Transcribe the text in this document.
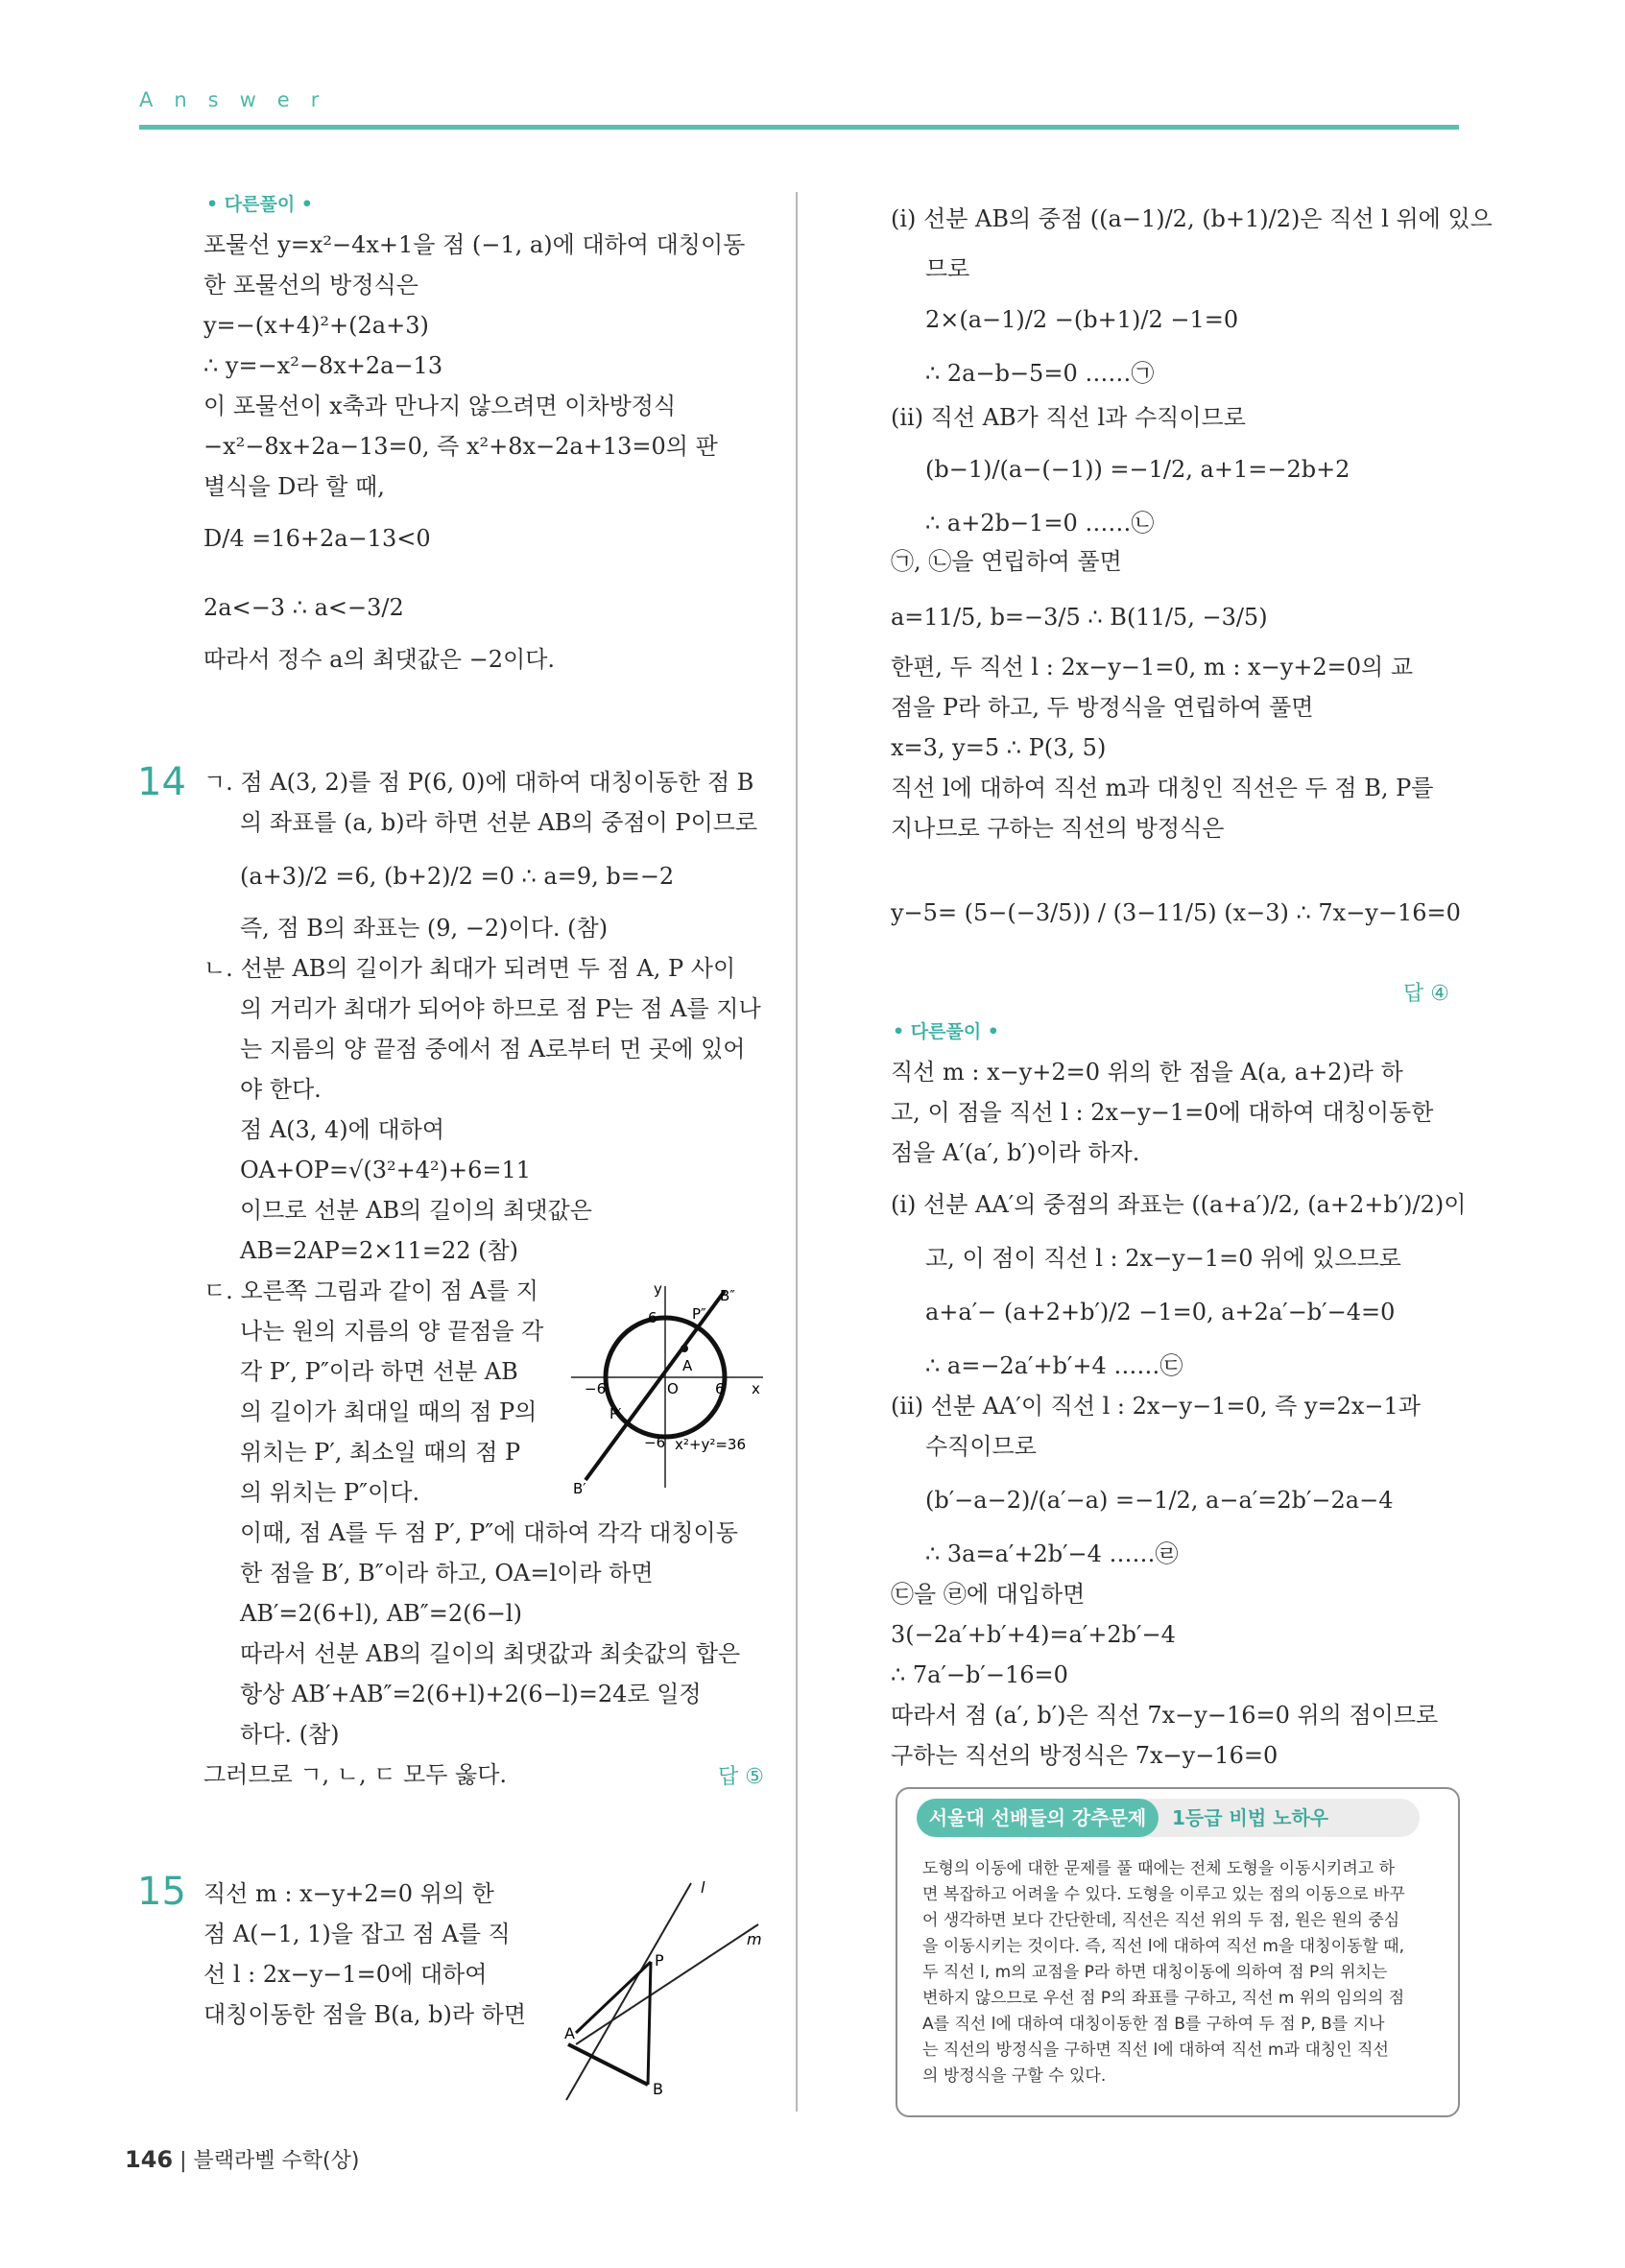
Answer
• 다른풀이 •
포물선 y=x²−4x+1을 점 (−1, a)에 대하여 대칭이동
한 포물선의 방정식은
y=−(x+4)²+(2a+3)
∴ y=−x²−8x+2a−13
이 포물선이 x축과 만나지 않으려면 이차방정식
−x²−8x+2a−13=0, 즉 x²+8x−2a+13=0의 판
별식을 D라 할 때,
D/4 =16+2a−13<0
2a<−3 ∴ a<−3/2
따라서 정수 a의 최댓값은 −2이다.
14 ㄱ. 점 A(3, 2)를 점 P(6, 0)에 대하여 대칭이동한 점 B
의 좌표를 (a, b)라 하면 선분 AB의 중점이 P이므로
(a+3)/2 =6, (b+2)/2 =0 ∴ a=9, b=−2
즉, 점 B의 좌표는 (9, −2)이다. (참)
ㄴ. 선분 AB의 길이가 최대가 되려면 두 점 A, P 사이
의 거리가 최대가 되어야 하므로 점 P는 점 A를 지나
는 지름의 양 끝점 중에서 점 A로부터 먼 곳에 있어
야 한다.
점 A(3, 4)에 대하여
OA+OP=√(3²+4²)+6=11
이므로 선분 AB의 길이의 최댓값은
AB=2AP=2×11=22 (참)
ㄷ. 오른쪽 그림과 같이 점 A를 지
나는 원의 지름의 양 끝점을 각
각 P′, P″이라 하면 선분 AB
의 길이가 최대일 때의 점 P의
위치는 P′, 최소일 때의 점 P
의 위치는 P″이다.
이때, 점 A를 두 점 P′, P″에 대하여 각각 대칭이동
한 점을 B′, B″이라 하고, OA=l이라 하면
AB′=2(6+l), AB″=2(6−l)
따라서 선분 AB의 길이의 최댓값과 최솟값의 합은
항상 AB′+AB″=2(6+l)+2(6−l)=24로 일정
하다. (참)
그러므로 ㄱ, ㄴ, ㄷ 모두 옳다.	답 ⑤
y
6 P″
B″
A
−6	O	6 x
P′
−6 x²+y²=36
B′
15 직선 m : x−y+2=0 위의 한
점 A(−1, 1)을 잡고 점 A를 직
선 l : 2x−y−1=0에 대하여
대칭이동한 점을 B(a, b)라 하면
l
m
P
A
B
(ⅰ) 선분 AB의 중점 ((a−1)/2, (b+1)/2)은 직선 l 위에 있으
므로
2×(a−1)/2 −(b+1)/2 −1=0
∴ 2a−b−5=0 ……㉠
(ⅱ) 직선 AB가 직선 l과 수직이므로
(b−1)/(a−(−1)) =−1/2, a+1=−2b+2
∴ a+2b−1=0 ……㉡
㉠, ㉡을 연립하여 풀면
a=11/5, b=−3/5 ∴ B(11/5, −3/5)
한편, 두 직선 l : 2x−y−1=0, m : x−y+2=0의 교
점을 P라 하고, 두 방정식을 연립하여 풀면
x=3, y=5 ∴ P(3, 5)
직선 l에 대하여 직선 m과 대칭인 직선은 두 점 B, P를
지나므로 구하는 직선의 방정식은
y−5= (5−(−3/5)) / (3−11/5) (x−3) ∴ 7x−y−16=0
답 ④
• 다른풀이 •
직선 m : x−y+2=0 위의 한 점을 A(a, a+2)라 하
고, 이 점을 직선 l : 2x−y−1=0에 대하여 대칭이동한
점을 A′(a′, b′)이라 하자.
(ⅰ) 선분 AA′의 중점의 좌표는 ((a+a′)/2, (a+2+b′)/2)이
고, 이 점이 직선 l : 2x−y−1=0 위에 있으므로
a+a′− (a+2+b′)/2 −1=0, a+2a′−b′−4=0
∴ a=−2a′+b′+4 ……㉢
(ⅱ) 선분 AA′이 직선 l : 2x−y−1=0, 즉 y=2x−1과
수직이므로
(b′−a−2)/(a′−a) =−1/2, a−a′=2b′−2a−4
∴ 3a=a′+2b′−4 ……㉣
㉢을 ㉣에 대입하면
3(−2a′+b′+4)=a′+2b′−4
∴ 7a′−b′−16=0
따라서 점 (a′, b′)은 직선 7x−y−16=0 위의 점이므로
구하는 직선의 방정식은 7x−y−16=0
서울대 선배들의 강추문제	1등급 비법 노하우
도형의 이동에 대한 문제를 풀 때에는 전체 도형을 이동시키려고 하
면 복잡하고 어려울 수 있다. 도형을 이루고 있는 점의 이동으로 바꾸
어 생각하면 보다 간단한데, 직선은 직선 위의 두 점, 원은 원의 중심
을 이동시키는 것이다. 즉, 직선 l에 대하여 직선 m을 대칭이동할 때,
두 직선 l, m의 교점을 P라 하면 대칭이동에 의하여 점 P의 위치는
변하지 않으므로 우선 점 P의 좌표를 구하고, 직선 m 위의 임의의 점
A를 직선 l에 대하여 대칭이동한 점 B를 구하여 두 점 P, B를 지나
는 직선의 방정식을 구하면 직선 l에 대하여 직선 m과 대칭인 직선
의 방정식을 구할 수 있다.
146 | 블랙라벨 수학(상)
